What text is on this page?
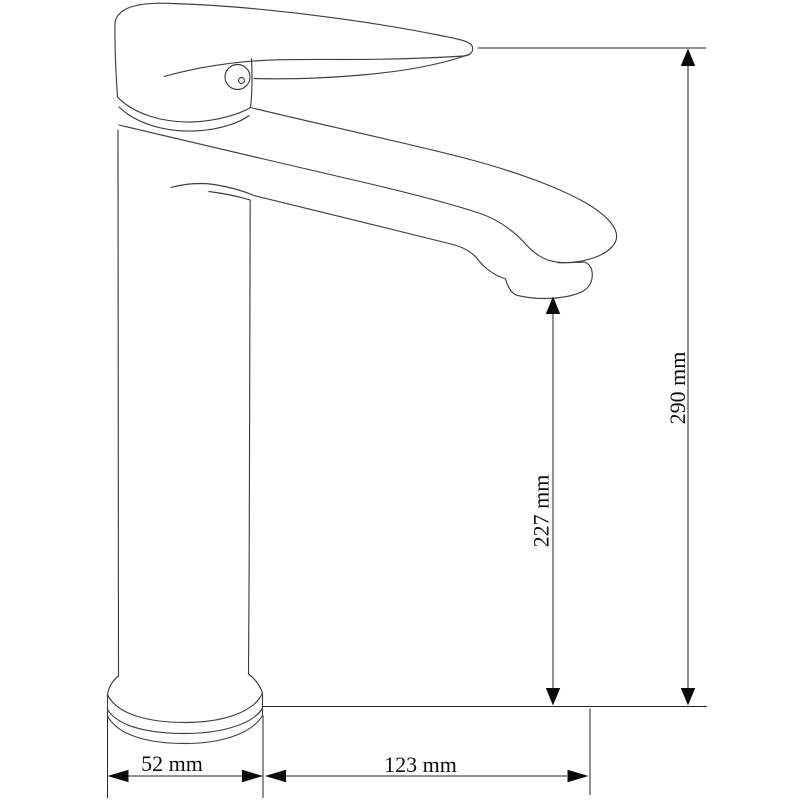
290 mm
227 mm
52 mm	123 mm
